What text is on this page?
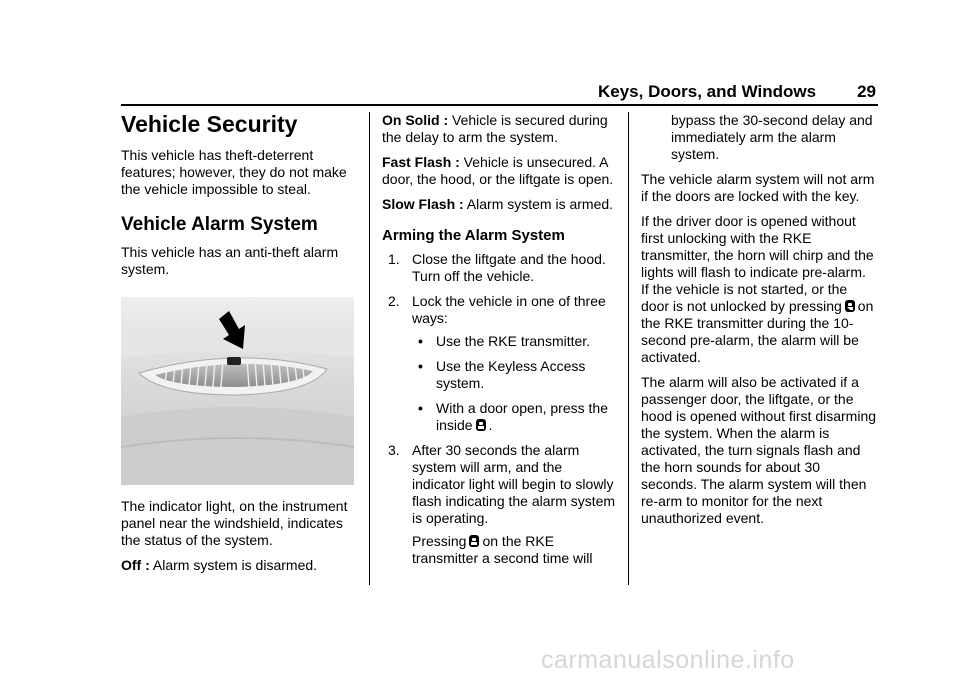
Keys, Doors, and Windows 29
Vehicle Security

This vehicle has theft-deterrent features; however, they do not make the vehicle impossible to steal.

Vehicle Alarm System

This vehicle has an anti-theft alarm system.

The indicator light, on the instrument panel near the windshield, indicates the status of the system.

Off : Alarm system is disarmed.

On Solid : Vehicle is secured during the delay to arm the system.

Fast Flash : Vehicle is unsecured. A door, the hood, or the liftgate is open.

Slow Flash : Alarm system is armed.

Arming the Alarm System
1. Close the liftgate and the hood. Turn off the vehicle.
2. Lock the vehicle in one of three ways:
• Use the RKE transmitter.
• Use the Keyless Access system.
• With a door open, press the inside .
3. After 30 seconds the alarm system will arm, and the indicator light will begin to slowly flash indicating the alarm system is operating.
Pressing on the RKE transmitter a second time will

bypass the 30-second delay and immediately arm the alarm system.

The vehicle alarm system will not arm if the doors are locked with the key.

If the driver door is opened without first unlocking with the RKE transmitter, the horn will chirp and the lights will flash to indicate pre-alarm. If the vehicle is not started, or the door is not unlocked by pressing on the RKE transmitter during the 10-second pre-alarm, the alarm will be activated.

The alarm will also be activated if a passenger door, the liftgate, or the hood is opened without first disarming the system. When the alarm is activated, the turn signals flash and the horn sounds for about 30 seconds. The alarm system will then re-arm to monitor for the next unauthorized event.

carmanualsonline.info
